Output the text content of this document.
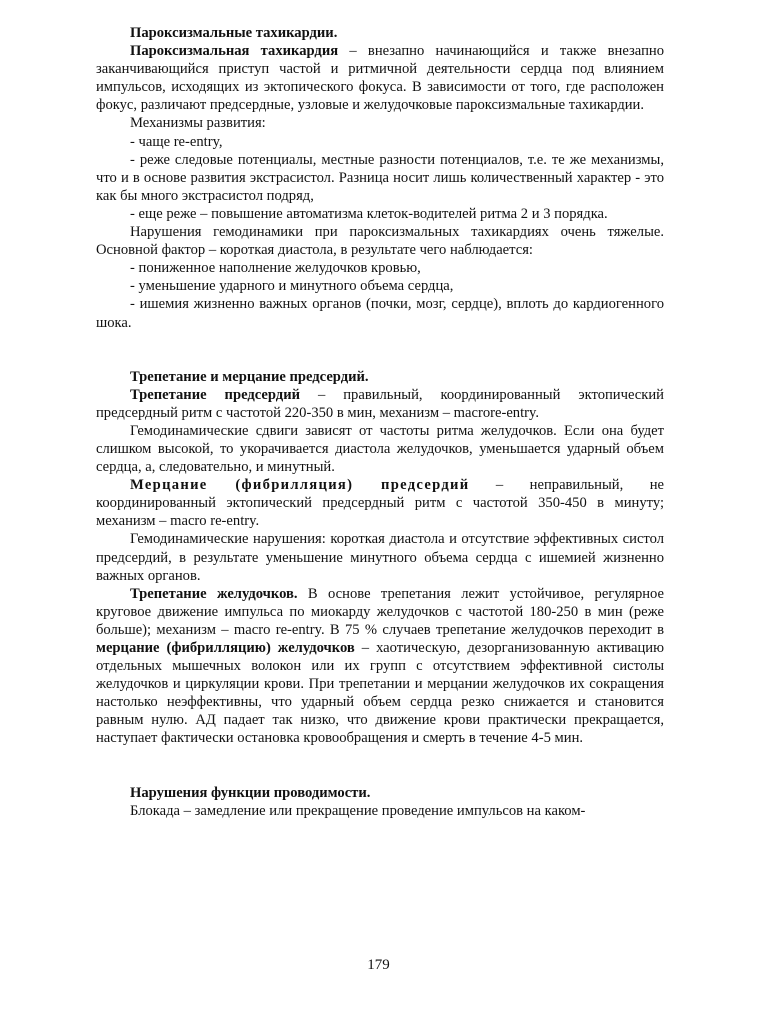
Пароксизмальные тахикардии.

Пароксизмальная тахикардия – внезапно начинающийся и также внезапно заканчивающийся приступ частой и ритмичной деятельности сердца под влиянием импульсов, исходящих из эктопического фокуса. В зависимости от того, где расположен фокус, различают предсердные, узловые и желудочковые пароксизмальные тахикардии.

Механизмы развития:

- чаще re-entry,

- реже следовые потенциалы, местные разности потенциалов, т.е. те же механизмы, что и в основе развития экстрасистол. Разница носит лишь количественный характер - это как бы много экстрасистол подряд,

- еще реже – повышение автоматизма клеток-водителей ритма 2 и 3 порядка.

Нарушения гемодинамики при пароксизмальных тахикардиях очень тяжелые. Основной фактор – короткая диастола, в результате чего наблюдается:

- пониженное наполнение желудочков кровью,

- уменьшение ударного и минутного объема сердца,

- ишемия жизненно важных органов (почки, мозг, сердце), вплоть до кардиогенного шока.

Трепетание и мерцание предсердий.

Трепетание предсердий – правильный, координированный эктопический предсердный ритм с частотой 220-350 в мин, механизм – macrore-entry.

Гемодинамические сдвиги зависят от частоты ритма желудочков. Если она будет слишком высокой, то укорачивается диастола желудочков, уменьшается ударный объем сердца, а, следовательно, и минутный.

Мерцание (фибрилляция) предсердий – неправильный, не координированный эктопический предсердный ритм с частотой 350-450 в минуту; механизм – macro re-entry.

Гемодинамические нарушения: короткая диастола и отсутствие эффективных систол предсердий, в результате уменьшение минутного объема сердца с ишемией жизненно важных органов.

Трепетание желудочков. В основе трепетания лежит устойчивое, регулярное круговое движение импульса по миокарду желудочков с частотой 180-250 в мин (реже больше); механизм – macro re-entry. В 75 % случаев трепетание желудочков переходит в мерцание (фибрилляцию) желудочков – хаотическую, дезорганизованную активацию отдельных мышечных волокон или их групп с отсутствием эффективной систолы желудочков и циркуляции крови. При трепетании и мерцании желудочков их сокращения настолько неэффективны, что ударный объем сердца резко снижается и становится равным нулю. АД падает так низко, что движение крови практически прекращается, наступает фактически остановка кровообращения и смерть в течение 4-5 мин.

Нарушения функции проводимости.

Блокада – замедление или прекращение проведение импульсов на каком-

179
